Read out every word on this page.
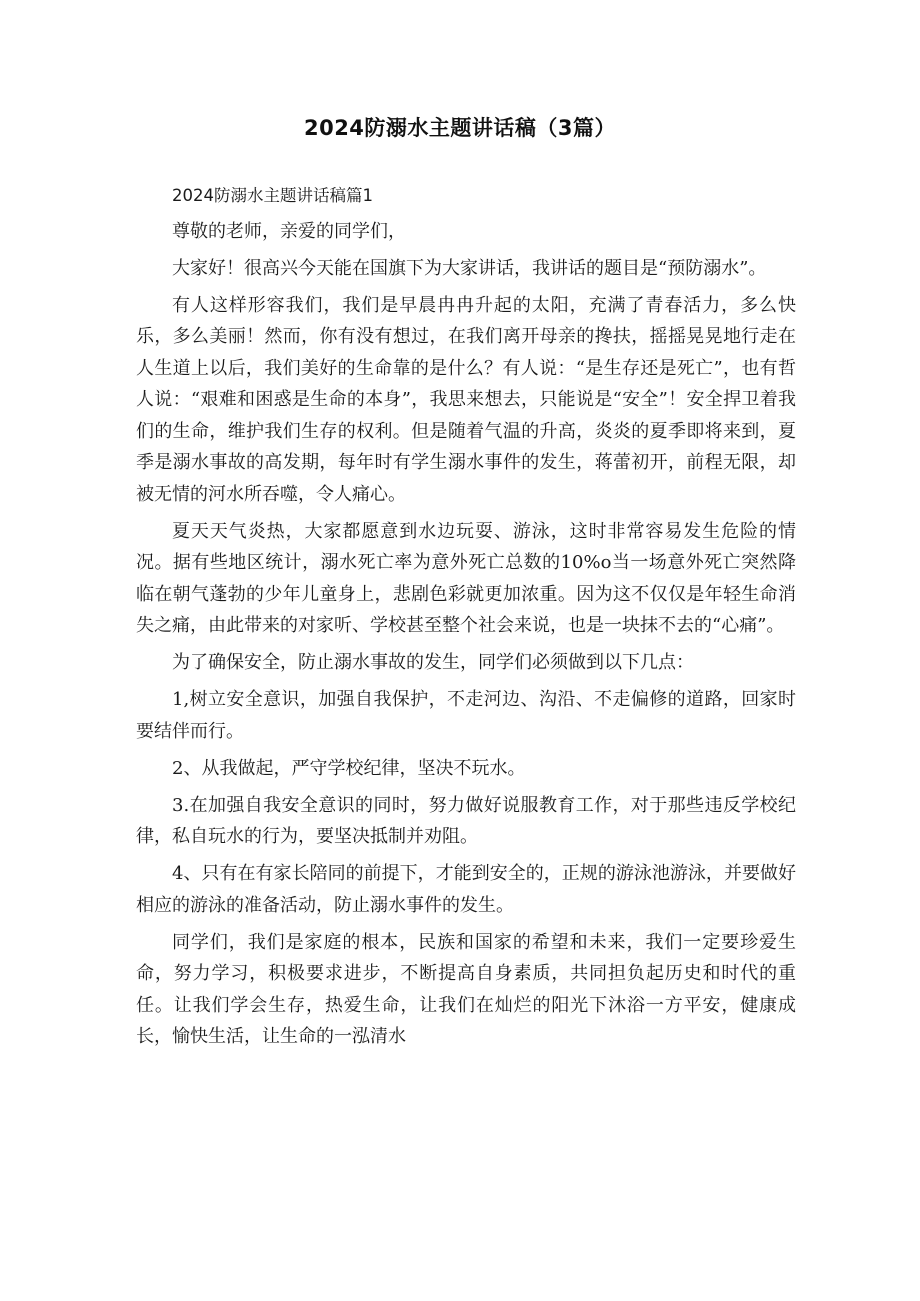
2024防溺水主题讲话稿（3篇）

2024防溺水主题讲话稿篇1

尊敬的老师，亲爱的同学们，

大家好！很高兴今天能在国旗下为大家讲话，我讲话的题目是“预防溺水”。

有人这样形容我们，我们是早晨冉冉升起的太阳，充满了青春活力，多么快乐，多么美丽！然而，你有没有想过，在我们离开母亲的搀扶，摇摇晃晃地行走在人生道上以后，我们美好的生命靠的是什么？有人说：“是生存还是死亡”，也有哲人说：“艰难和困惑是生命的本身”，我思来想去，只能说是“安全”！安全捍卫着我们的生命，维护我们生存的权利。但是随着气温的升高，炎炎的夏季即将来到，夏季是溺水事故的高发期，每年时有学生溺水事件的发生，蒋蕾初开，前程无限，却被无情的河水所吞噬，令人痛心。

夏天天气炎热，大家都愿意到水边玩耍、游泳，这时非常容易发生危险的情况。据有些地区统计，溺水死亡率为意外死亡总数的10%o当一场意外死亡突然降临在朝气蓬勃的少年儿童身上，悲剧色彩就更加浓重。因为这不仅仅是年轻生命消失之痛，由此带来的对家听、学校甚至整个社会来说，也是一块抹不去的“心痛”。

为了确保安全，防止溺水事故的发生，同学们必须做到以下几点：

1,树立安全意识，加强自我保护，不走河边、沟沿、不走偏修的道路，回家时要结伴而行。

2、从我做起，严守学校纪律，坚决不玩水。

3.在加强自我安全意识的同时，努力做好说服教育工作，对于那些违反学校纪律，私自玩水的行为，要坚决抵制并劝阻。

4、只有在有家长陪同的前提下，才能到安全的，正规的游泳池游泳，并要做好相应的游泳的准备活动，防止溺水事件的发生。

同学们，我们是家庭的根本，民族和国家的希望和未来，我们一定要珍爱生命，努力学习，积极要求进步，不断提高自身素质，共同担负起历史和时代的重任。让我们学会生存，热爱生命，让我们在灿烂的阳光下沐浴一方平安，健康成长，愉快生活，让生命的一泓清水
